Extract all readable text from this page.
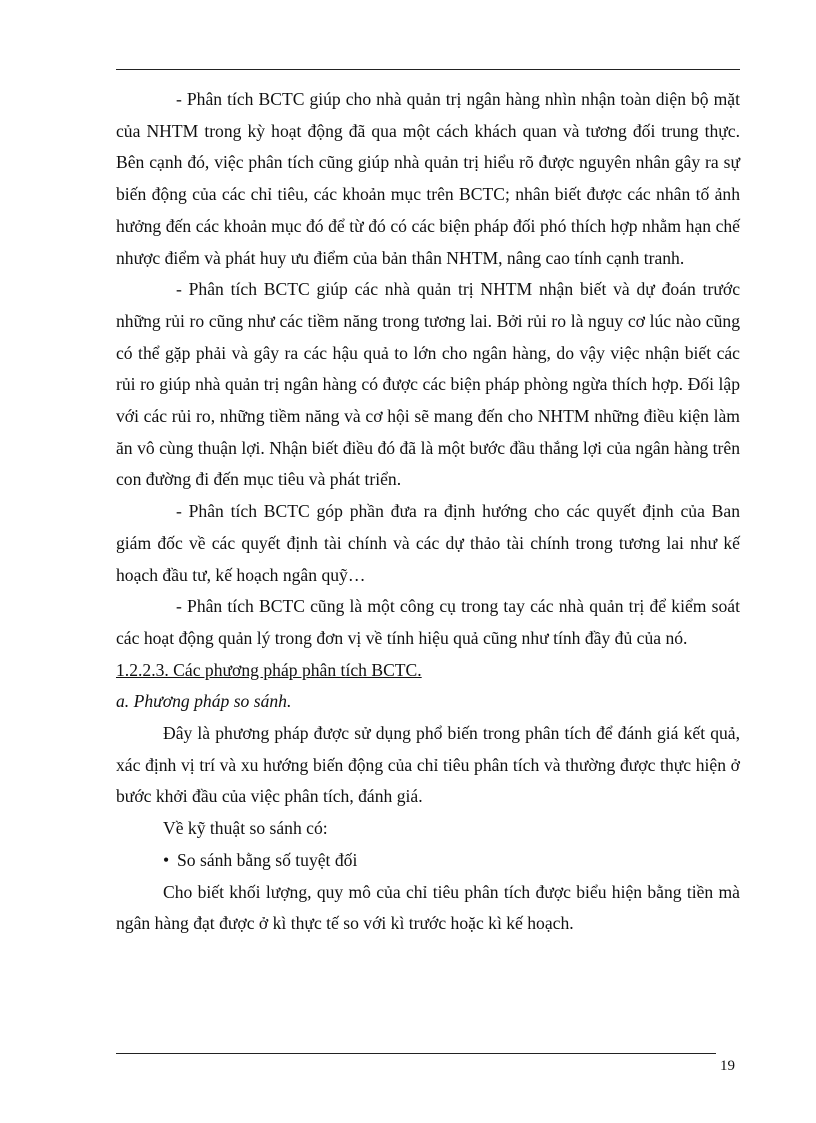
- Phân tích BCTC giúp cho nhà quản trị ngân hàng nhìn nhận toàn diện bộ mặt của NHTM trong kỳ hoạt động đã qua một cách khách quan và tương đối trung thực. Bên cạnh đó, việc phân tích cũng giúp nhà quản trị hiểu rõ được nguyên nhân gây ra sự biến động của các chỉ tiêu, các khoản mục trên BCTC; nhân biết được các nhân tố ảnh hưởng đến các khoản mục đó để từ đó có các biện pháp đối phó thích hợp nhằm hạn chế nhược điểm và phát huy ưu điểm của bản thân NHTM, nâng cao tính cạnh tranh.

- Phân tích BCTC giúp các nhà quản trị NHTM nhận biết và dự đoán trước những rủi ro cũng như các tiềm năng trong tương lai. Bởi rủi ro là nguy cơ lúc nào cũng có thể gặp phải và gây ra các hậu quả to lớn cho ngân hàng, do vậy việc nhận biết các rủi ro giúp nhà quản trị ngân hàng có được các biện pháp phòng ngừa thích hợp. Đối lập với các rủi ro, những tiềm năng và cơ hội sẽ mang đến cho NHTM những điều kiện làm ăn vô cùng thuận lợi. Nhận biết điều đó đã là một bước đầu thắng lợi của ngân hàng trên con đường đi đến mục tiêu và phát triển.

- Phân tích BCTC góp phần đưa ra định hướng cho các quyết định của Ban giám đốc về các quyết định tài chính và các dự thảo tài chính trong tương lai như kế hoạch đầu tư, kế hoạch ngân quỹ…

- Phân tích BCTC cũng là một công cụ trong tay các nhà quản trị để kiểm soát các hoạt động quản lý trong đơn vị về tính hiệu quả cũng như tính đầy đủ của nó.

1.2.2.3. Các phương pháp phân tích BCTC.

a. Phương pháp so sánh.

Đây là phương pháp được sử dụng phổ biến trong phân tích để đánh giá kết quả, xác định vị trí và xu hướng biến động của chỉ tiêu phân tích và thường được thực hiện ở bước khởi đầu của việc phân tích, đánh giá.

Về kỹ thuật so sánh có:

• So sánh bằng số tuyệt đối

Cho biết khối lượng, quy mô của chỉ tiêu phân tích được biểu hiện bằng tiền mà ngân hàng đạt được ở kì thực tế so với kì trước hoặc kì kế hoạch.

19
